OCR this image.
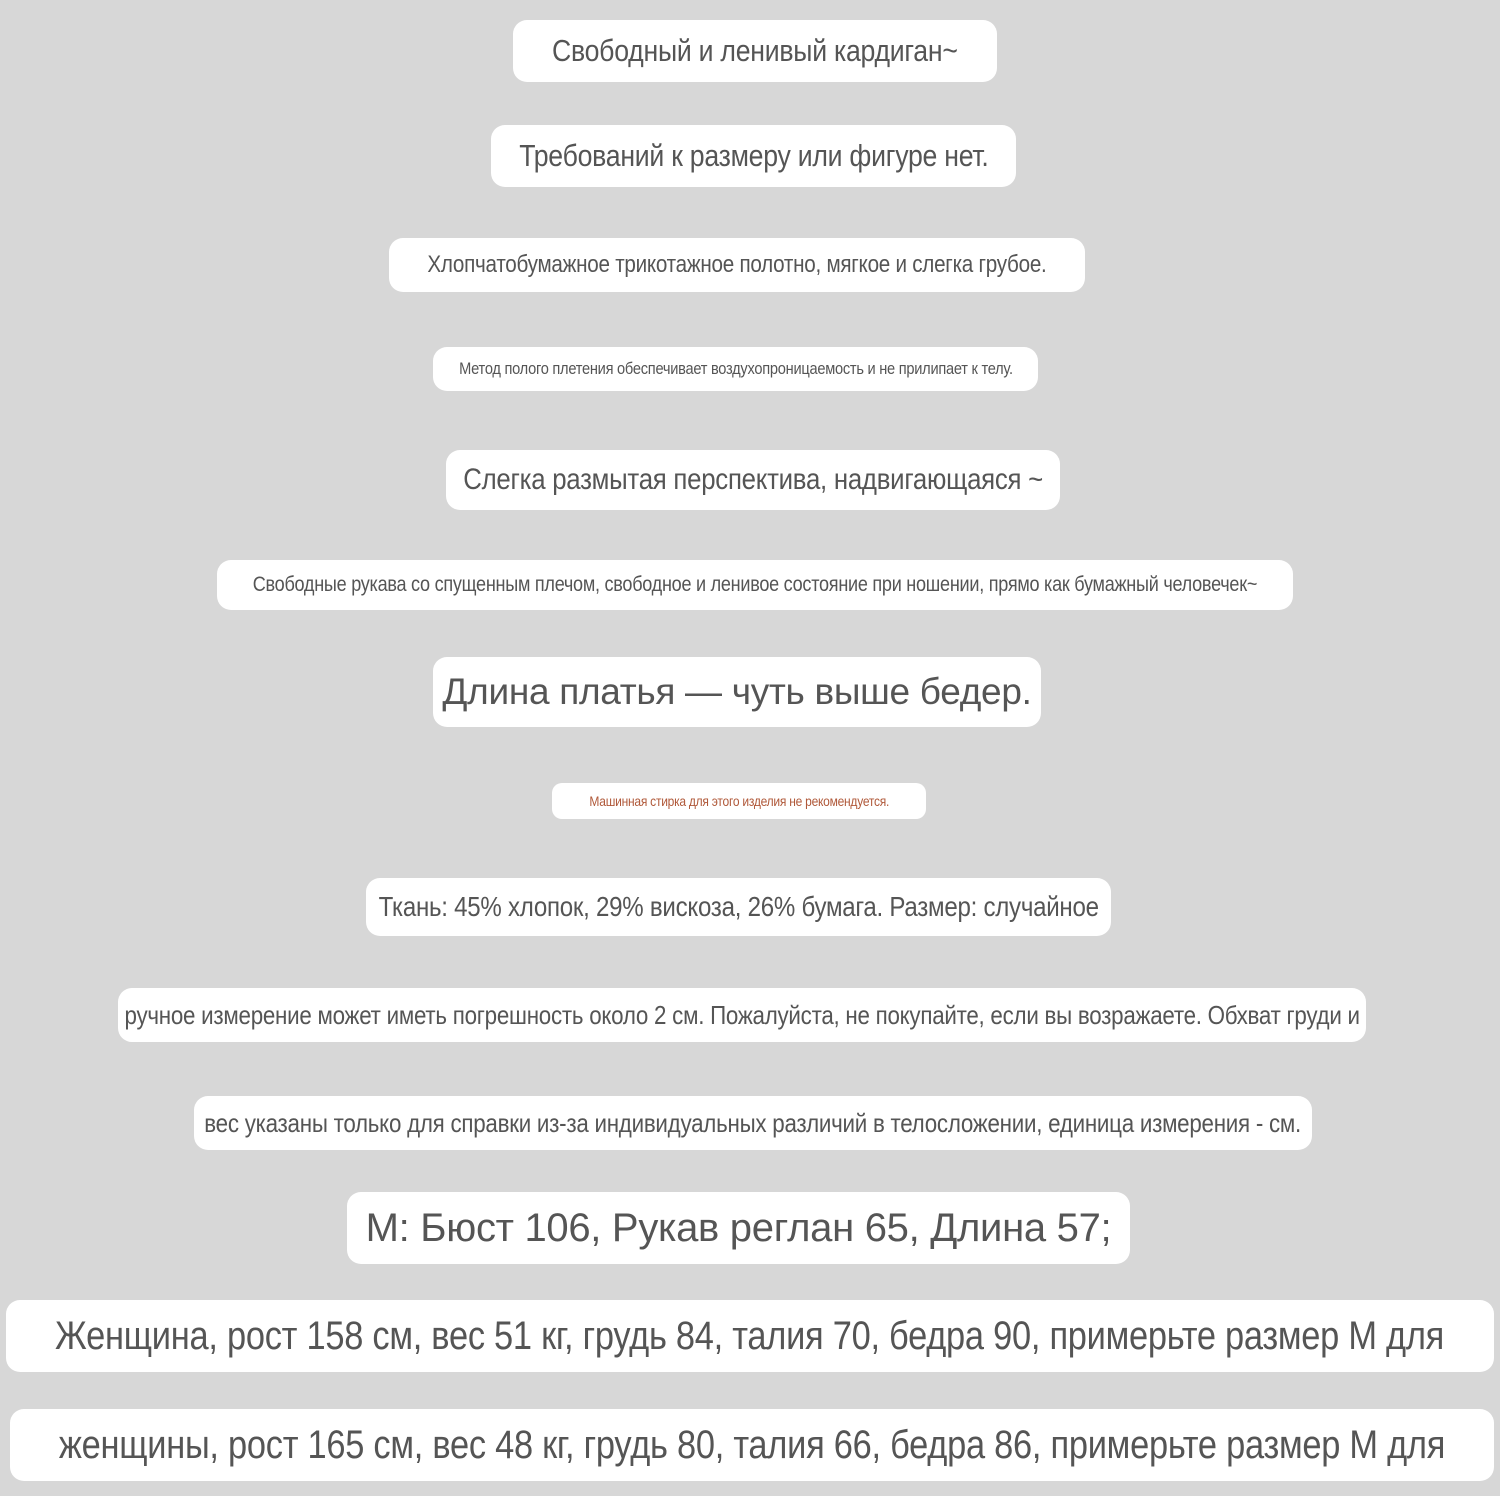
Свободный и ленивый кардиган~
Требований к размеру или фигуре нет.
Хлопчатобумажное трикотажное полотно, мягкое и слегка грубое.
Метод полого плетения обеспечивает воздухопроницаемость и не прилипает к телу.
Слегка размытая перспектива, надвигающаяся ~
Свободные рукава со спущенным плечом, свободное и ленивое состояние при ношении, прямо как бумажный человечек~
Длина платья — чуть выше бедер.
Машинная стирка для этого изделия не рекомендуется.
Ткань: 45% хлопок, 29% вискоза, 26% бумага. Размер: случайное
ручное измерение может иметь погрешность около 2 см. Пожалуйста, не покупайте, если вы возражаете. Обхват груди и
вес указаны только для справки из-за индивидуальных различий в телосложении, единица измерения - см.
M: Бюст 106, Рукав реглан 65, Длина 57;
Женщина, рост 158 см, вес 51 кг, грудь 84, талия 70, бедра 90, примерьте размер M для
женщины, рост 165 см, вес 48 кг, грудь 80, талия 66, бедра 86, примерьте размер M для
